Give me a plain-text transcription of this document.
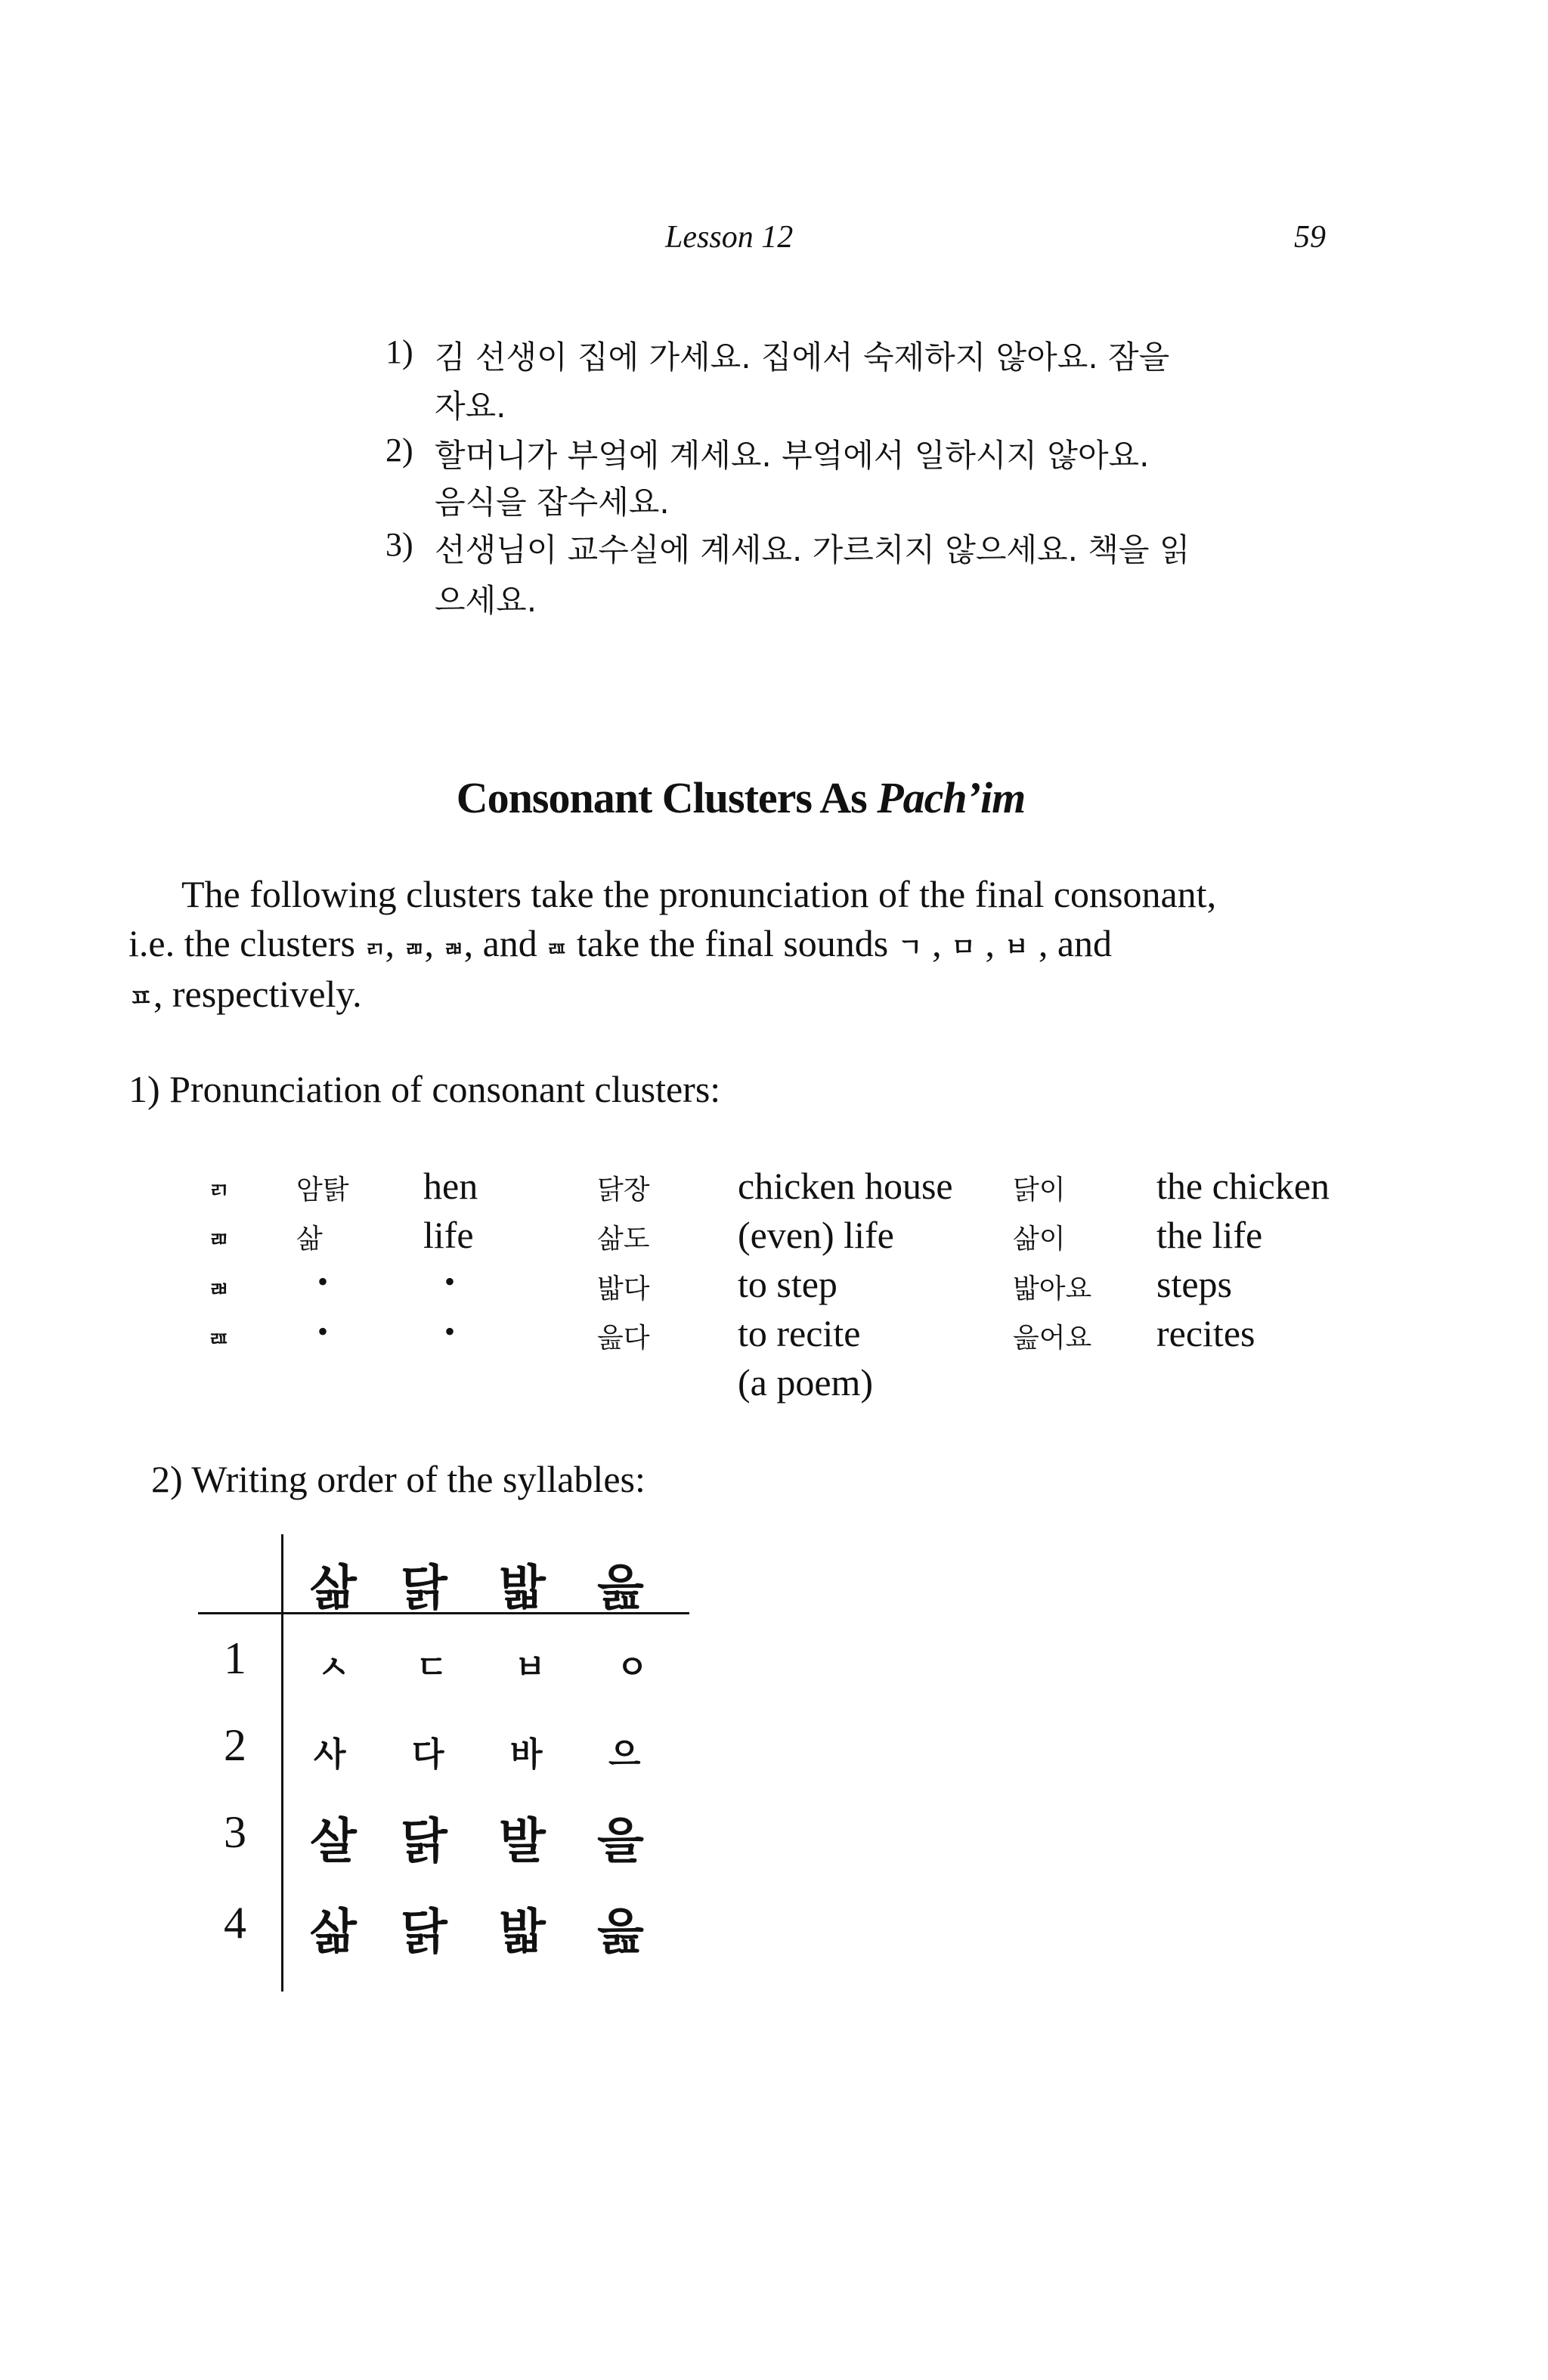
Lesson 12	59
1) 김 선생이 집에 가세요. 집에서 숙제하지 않아요. 잠을
자요.
2) 할머니가 부엌에 계세요. 부엌에서 일하시지 않아요.
음식을 잡수세요.
3) 선생님이 교수실에 계세요. 가르치지 않으세요. 책을 읽
으세요.
Consonant Clusters As Pach’im
The following clusters take the pronunciation of the final consonant,
i.e. the clusters ㄺ, ㄻ, ㄼ, and ㄿ take the final sounds ㄱ , ㅁ , ㅂ , and
ㅍ, respectively.
1) Pronunciation of consonant clusters:
ㄺ 암탉 hen	닭장 chicken house 닭이 the chicken
ㄻ 삶	life	삶도 (even) life	삶이 the life
ㄼ	•	•	밟다 to step	밟아요 steps
ㄿ	•	•	읊다 to recite	읊어요 recites
(a poem)
2) Writing order of the syllables:
삶 닭 밟 읊
1 ㅅ ㄷ ㅂ ㅇ
2 사 다 바 으
3 살 닭 발 을
4 삶 닭 밟 읊
